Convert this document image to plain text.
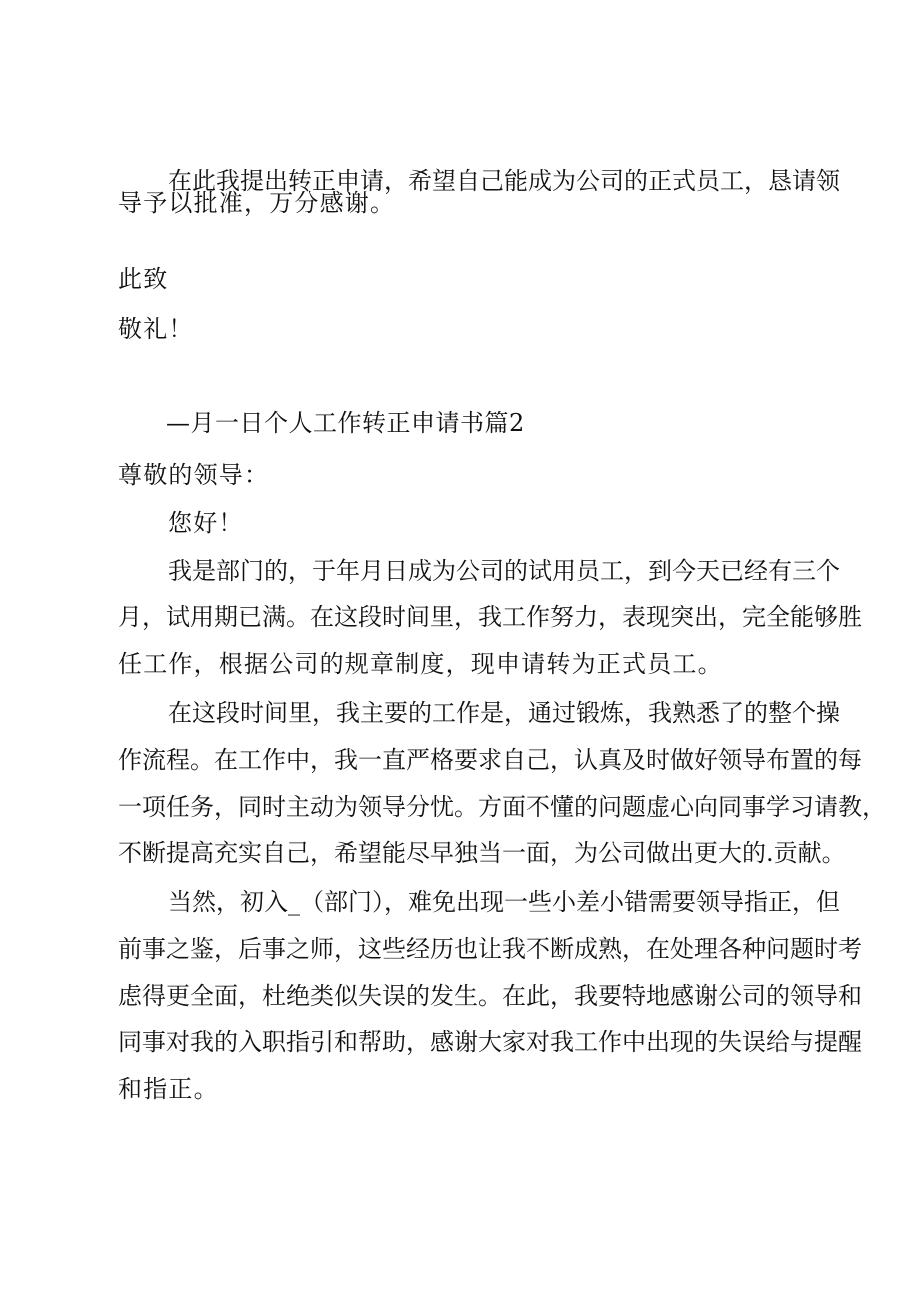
在此我提出转正申请，希望自己能成为公司的正式员工，恳请领
导予以批准，万分感谢。
此致
敬礼！
—月一日个人工作转正申请书篇2
尊敬的领导：
您好！
我是部门的，于年月日成为公司的试用员工，到今天已经有三个
月，试用期已满。在这段时间里，我工作努力，表现突出，完全能够胜
任工作，根据公司的规章制度，现申请转为正式员工。
在这段时间里，我主要的工作是，通过锻炼，我熟悉了的整个操
作流程。在工作中，我一直严格要求自己，认真及时做好领导布置的每
一项任务，同时主动为领导分忧。方面不懂的问题虚心向同事学习请教，
不断提高充实自己，希望能尽早独当一面，为公司做出更大的.贡献。
当然，初入_（部门），难免出现一些小差小错需要领导指正，但
前事之鉴，后事之师，这些经历也让我不断成熟，在处理各种问题时考
虑得更全面，杜绝类似失误的发生。在此，我要特地感谢公司的领导和
同事对我的入职指引和帮助，感谢大家对我工作中出现的失误给与提醒
和指正。
